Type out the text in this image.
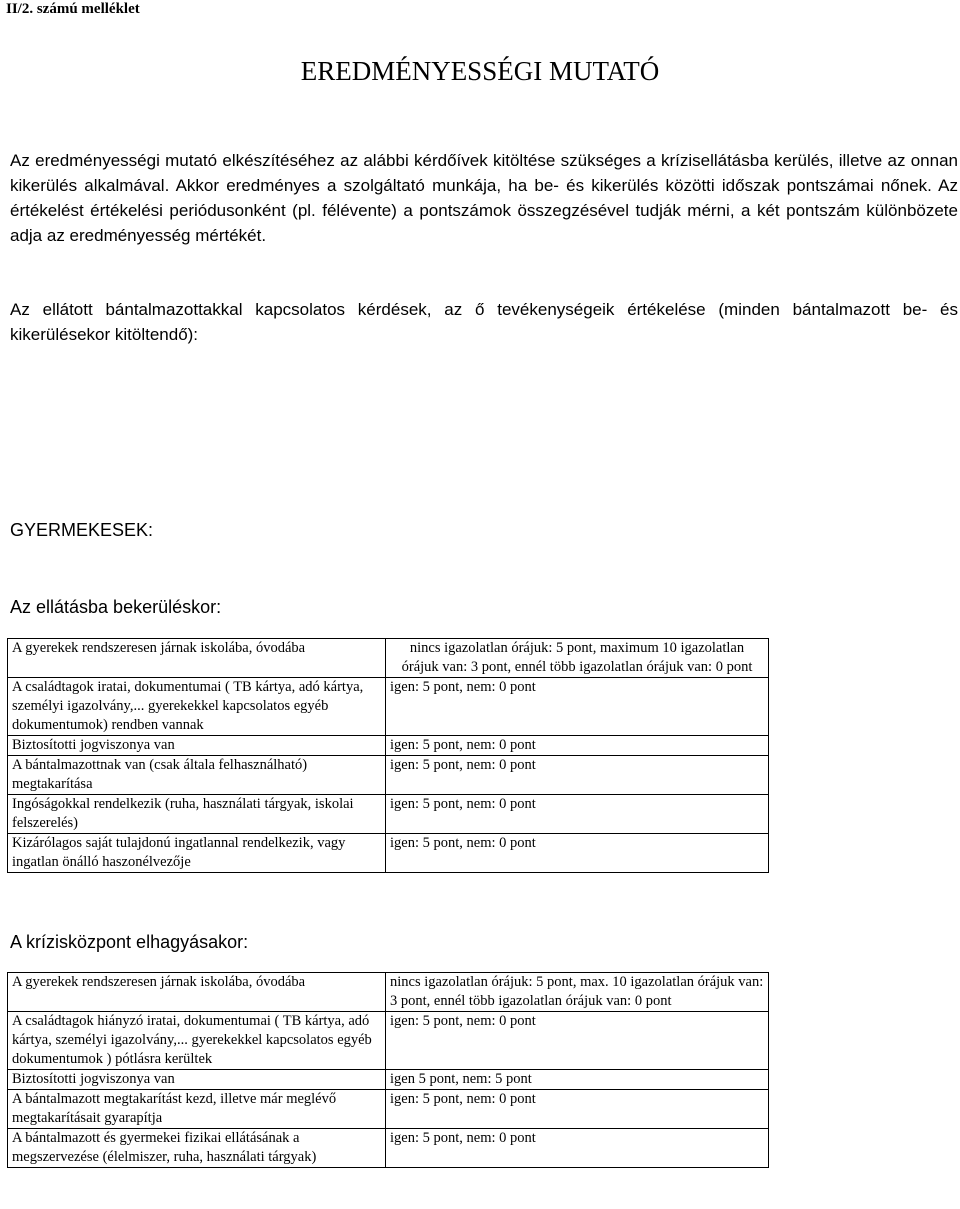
II/2. számú melléklet
EREDMÉNYESSÉGI MUTATÓ
Az eredményességi mutató elkészítéséhez az alábbi kérdőívek kitöltése szükséges a krízisellátásba kerülés, illetve az onnan kikerülés alkalmával. Akkor eredményes a szolgáltató munkája, ha be- és kikerülés közötti időszak pontszámai nőnek. Az értékelést értékelési periódusonként (pl. félévente) a pontszámok összegzésével tudják mérni, a két pontszám különbözete adja az eredményesség mértékét.
Az ellátott bántalmazottakkal kapcsolatos kérdések, az ő tevékenységeik értékelése (minden bántalmazott be- és kikerülésekor kitöltendő):
GYERMEKESEK:
Az ellátásba bekerüléskor:
A gyerekek rendszeresen járnak iskolába, óvodába	nincs igazolatlan órájuk: 5 pont, maximum 10 igazolatlan órájuk van: 3 pont, ennél több igazolatlan órájuk van: 0 pont
A családtagok iratai, dokumentumai ( TB kártya, adó kártya, személyi igazolvány,... gyerekekkel kapcsolatos egyéb dokumentumok) rendben vannak	igen: 5 pont, nem: 0 pont
Biztosítotti jogviszonya van	igen: 5 pont, nem: 0 pont
A bántalmazottnak van (csak általa felhasználható) megtakarítása	igen: 5 pont, nem: 0 pont
Ingóságokkal rendelkezik (ruha, használati tárgyak, iskolai felszerelés)	igen: 5 pont, nem: 0 pont
Kizárólagos saját tulajdonú ingatlannal rendelkezik, vagy ingatlan önálló haszonélvezője	igen: 5 pont, nem: 0 pont
A krízisközpont elhagyásakor:
A gyerekek rendszeresen járnak iskolába, óvodába	nincs igazolatlan órájuk: 5 pont, max. 10 igazolatlan órájuk van: 3 pont, ennél több igazolatlan órájuk van: 0 pont
A családtagok hiányzó iratai, dokumentumai ( TB kártya, adó kártya, személyi igazolvány,... gyerekekkel kapcsolatos egyéb dokumentumok ) pótlásra kerültek	igen: 5 pont, nem: 0 pont
Biztosítotti jogviszonya van	igen 5 pont, nem: 5 pont
A bántalmazott megtakarítást kezd, illetve már meglévő megtakarításait gyarapítja	igen: 5 pont, nem: 0 pont
A bántalmazott és gyermekei fizikai ellátásának a megszervezése (élelmiszer, ruha, használati tárgyak)	igen: 5 pont, nem: 0 pont
